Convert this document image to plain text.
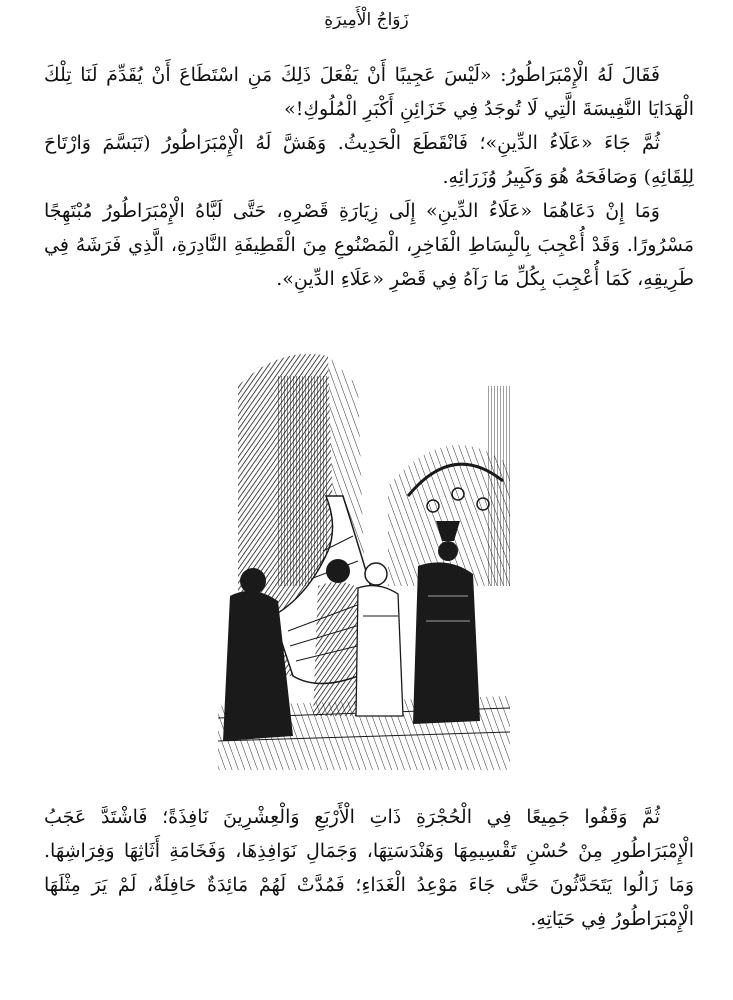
زَوَاجُ الْأَمِيرَةِ

فَقَالَ لَهُ الْإِمْبَرَاطُورُ: «لَيْسَ عَجِيبًا أَنْ يَفْعَلَ ذَلِكَ مَنِ اسْتَطَاعَ أَنْ يُقَدِّمَ لَنَا تِلْكَ الْهَدَايَا النَّفِيسَةَ الَّتِي لَا تُوجَدُ فِي خَزَائِنِ أَكْبَرِ الْمُلُوكِ!»

ثُمَّ جَاءَ «عَلَاءُ الدِّينِ»؛ فَانْقَطَعَ الْحَدِيثُ. وَهَشَّ لَهُ الْإِمْبَرَاطُورُ (تَبَسَّمَ وَارْتَاحَ لِلِقَائِهِ) وَصَافَحَهُ هُوَ وَكَبِيرُ وُزَرَائِهِ.

وَمَا إِنْ دَعَاهُمَا «عَلَاءُ الدِّينِ» إِلَى زِيَارَةِ قَصْرِهِ، حَتَّى لَبَّاهُ الْإِمْبَرَاطُورُ مُبْتَهِجًا مَسْرُورًا. وَقَدْ أُعْجِبَ بِالْبِسَاطِ الْفَاخِرِ، الْمَصْنُوعِ مِنَ الْقَطِيفَةِ النَّادِرَةِ، الَّذِي فَرَشَهُ فِي طَرِيقِهِ، كَمَا أُعْجِبَ بِكُلِّ مَا رَآهُ فِي قَصْرِ «عَلَاءِ الدِّينِ».

ثُمَّ وَقَفُوا جَمِيعًا فِي الْحُجْرَةِ ذَاتِ الْأَرْبَعِ وَالْعِشْرِينَ نَافِذَةً؛ فَاشْتَدَّ عَجَبُ الْإِمْبَرَاطُورِ مِنْ حُسْنِ تَقْسِيمِهَا وَهَنْدَسَتِهَا، وَجَمَالِ نَوَافِذِهَا، وَفَخَامَةِ أَثَاثِهَا وَفِرَاشِهَا. وَمَا زَالُوا يَتَحَدَّثُونَ حَتَّى جَاءَ مَوْعِدُ الْغَدَاءِ؛ فَمُدَّتْ لَهُمْ مَائِدَةٌ حَافِلَةٌ، لَمْ يَرَ مِثْلَهَا الْإِمْبَرَاطُورُ فِي حَيَاتِهِ.
